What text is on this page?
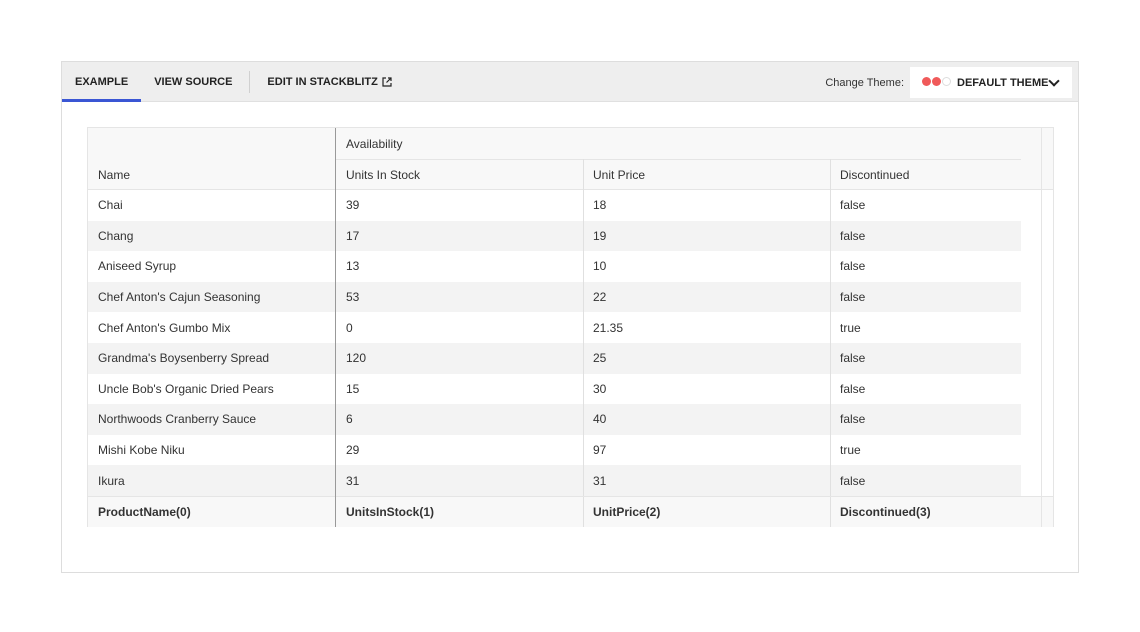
EXAMPLE	VIEW SOURCE	EDIT IN STACKBLITZ	Change Theme:	DEFAULT THEME
Availability
Name	Units In Stock	Unit Price	Discontinued
Chai	39	18	false
Chang	17	19	false
Aniseed Syrup	13	10	false
Chef Anton's Cajun Seasoning	53	22	false
Chef Anton's Gumbo Mix	0	21.35	true
Grandma's Boysenberry Spread	120	25	false
Uncle Bob's Organic Dried Pears	15	30	false
Northwoods Cranberry Sauce	6	40	false
Mishi Kobe Niku	29	97	true
Ikura	31	31	false
ProductName(0)	UnitsInStock(1)	UnitPrice(2)	Discontinued(3)
